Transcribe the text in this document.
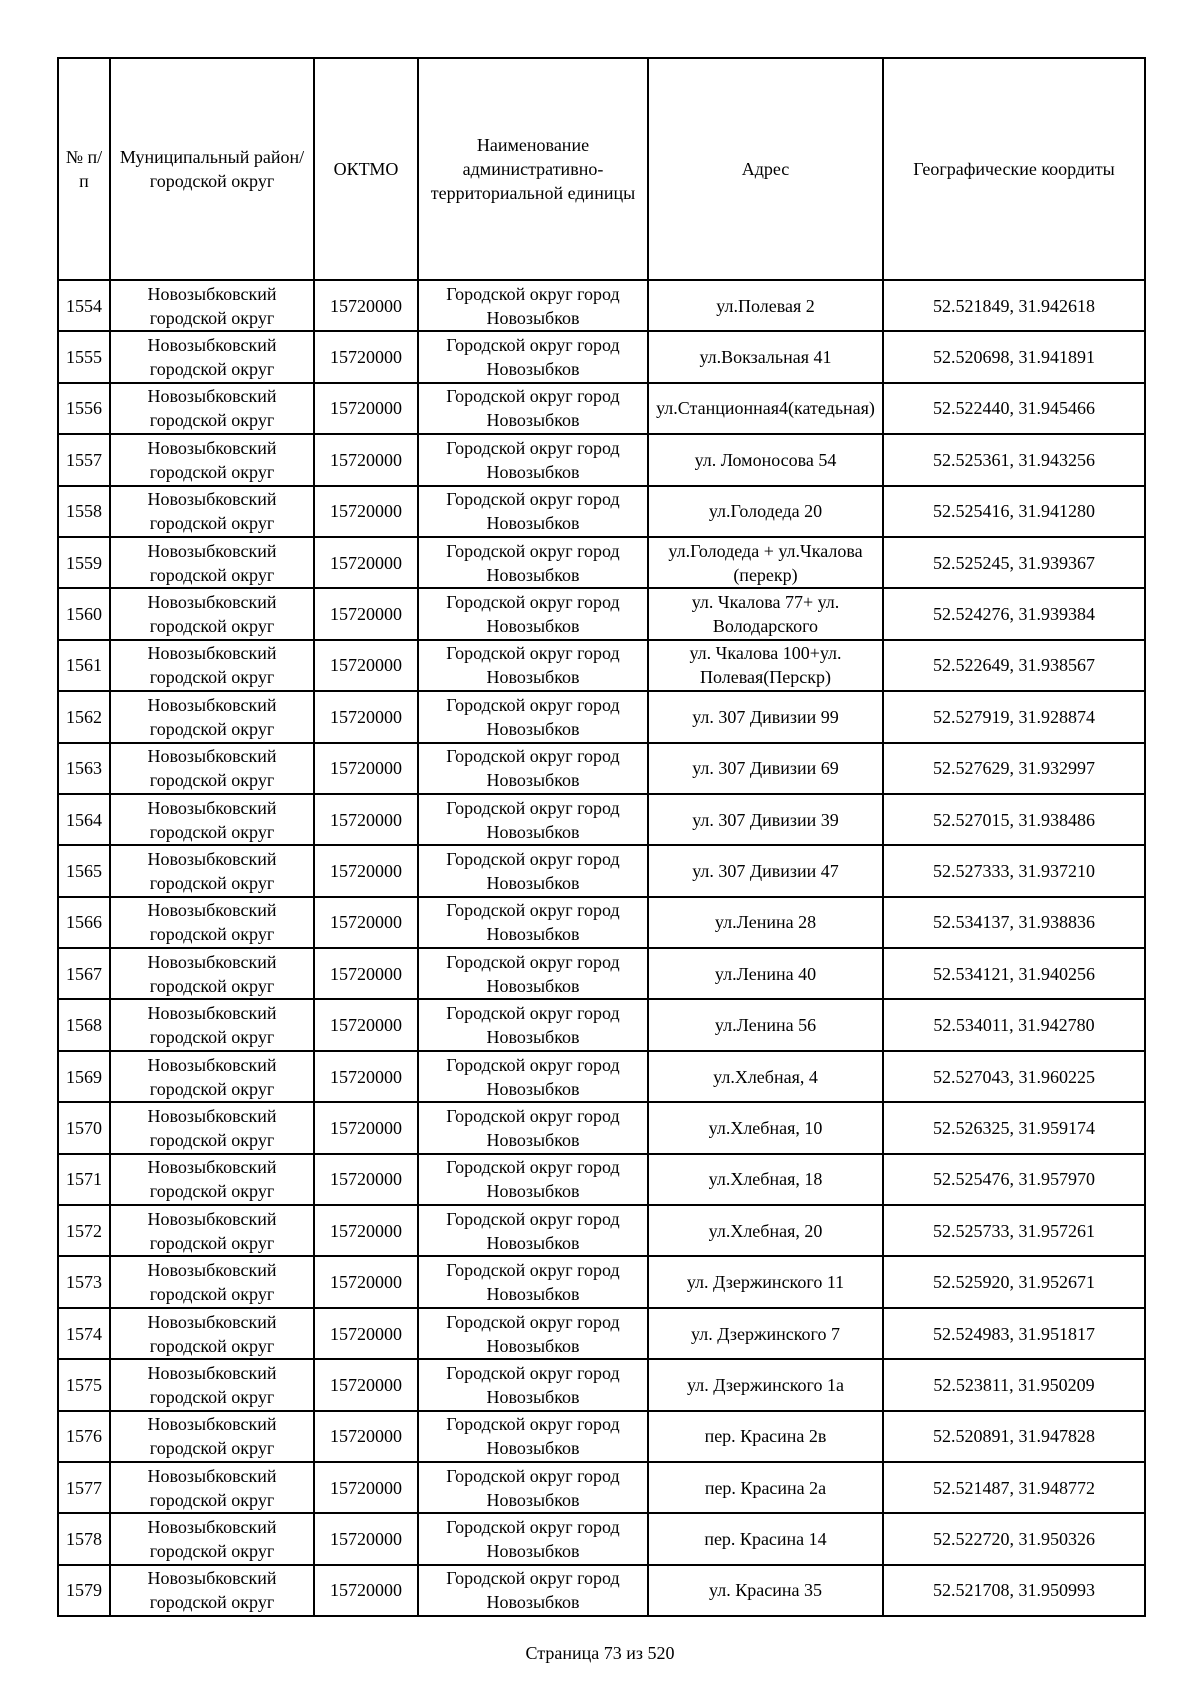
№ п/п	Муниципальный район/городской округ	ОКТМО	Наименование административно-территориальной единицы	Адрес	Географические коордиты
1554	Новозыбковский городской округ	15720000	Городской округ город Новозыбков	ул.Полевая 2	52.521849, 31.942618
1555	Новозыбковский городской округ	15720000	Городской округ город Новозыбков	ул.Вокзальная 41	52.520698, 31.941891
1556	Новозыбковский городской округ	15720000	Городской округ город Новозыбков	ул.Станционная4(катедьная)	52.522440, 31.945466
1557	Новозыбковский городской округ	15720000	Городской округ город Новозыбков	ул. Ломоносова 54	52.525361, 31.943256
1558	Новозыбковский городской округ	15720000	Городской округ город Новозыбков	ул.Голодеда 20	52.525416, 31.941280
1559	Новозыбковский городской округ	15720000	Городской округ город Новозыбков	ул.Голодеда + ул.Чкалова (перекр)	52.525245, 31.939367
1560	Новозыбковский городской округ	15720000	Городской округ город Новозыбков	ул. Чкалова 77+ ул. Володарского	52.524276, 31.939384
1561	Новозыбковский городской округ	15720000	Городской округ город Новозыбков	ул. Чкалова 100+ул. Полевая(Перскр)	52.522649, 31.938567
1562	Новозыбковский городской округ	15720000	Городской округ город Новозыбков	ул. 307 Дивизии 99	52.527919, 31.928874
1563	Новозыбковский городской округ	15720000	Городской округ город Новозыбков	ул. 307 Дивизии 69	52.527629, 31.932997
1564	Новозыбковский городской округ	15720000	Городской округ город Новозыбков	ул. 307 Дивизии 39	52.527015, 31.938486
1565	Новозыбковский городской округ	15720000	Городской округ город Новозыбков	ул. 307 Дивизии 47	52.527333, 31.937210
1566	Новозыбковский городской округ	15720000	Городской округ город Новозыбков	ул.Ленина 28	52.534137, 31.938836
1567	Новозыбковский городской округ	15720000	Городской округ город Новозыбков	ул.Ленина 40	52.534121, 31.940256
1568	Новозыбковский городской округ	15720000	Городской округ город Новозыбков	ул.Ленина 56	52.534011, 31.942780
1569	Новозыбковский городской округ	15720000	Городской округ город Новозыбков	ул.Хлебная, 4	52.527043, 31.960225
1570	Новозыбковский городской округ	15720000	Городской округ город Новозыбков	ул.Хлебная, 10	52.526325, 31.959174
1571	Новозыбковский городской округ	15720000	Городской округ город Новозыбков	ул.Хлебная, 18	52.525476, 31.957970
1572	Новозыбковский городской округ	15720000	Городской округ город Новозыбков	ул.Хлебная, 20	52.525733, 31.957261
1573	Новозыбковский городской округ	15720000	Городской округ город Новозыбков	ул. Дзержинского 11	52.525920, 31.952671
1574	Новозыбковский городской округ	15720000	Городской округ город Новозыбков	ул. Дзержинского 7	52.524983, 31.951817
1575	Новозыбковский городской округ	15720000	Городской округ город Новозыбков	ул. Дзержинского 1а	52.523811, 31.950209
1576	Новозыбковский городской округ	15720000	Городской округ город Новозыбков	пер. Красина 2в	52.520891, 31.947828
1577	Новозыбковский городской округ	15720000	Городской округ город Новозыбков	пер. Красина 2а	52.521487, 31.948772
1578	Новозыбковский городской округ	15720000	Городской округ город Новозыбков	пер. Красина 14	52.522720, 31.950326
1579	Новозыбковский городской округ	15720000	Городской округ город Новозыбков	ул. Красина 35	52.521708, 31.950993
Страница 73 из 520
